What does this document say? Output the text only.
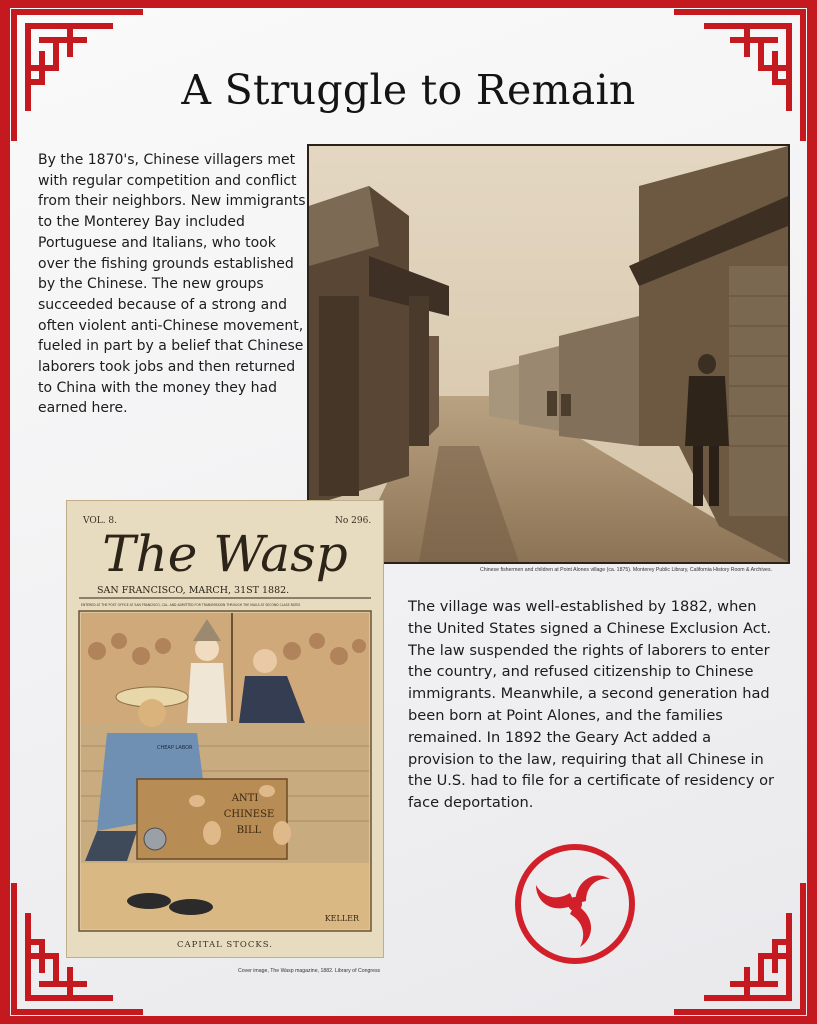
A Struggle to Remain

By the 1870's, Chinese villagers met with regular competition and conflict from their neighbors. New immigrants to the Monterey Bay included Portuguese and Italians, who took over the fishing grounds established by the Chinese. The new groups succeeded because of a strong and often violent anti-Chinese movement, fueled in part by a belief that Chinese laborers took jobs and then returned to China with the money they had earned here.

Chinese fishermen and children at Point Alones village (ca. 1875). Monterey Public Library, California History Room & Archives.
VOL. 8.	No 296.
The Wasp
SAN FRANCISCO, MARCH, 31ST 1882.
ENTERED AT THE POST OFFICE AT SAN FRANCISCO, CAL. AND ADMITTED FOR TRANSMISSION THROUGH THE MAILS AT SECOND CLASS RATES
CHEAP LABOR
ANTI
CHINESE
BILL
KELLER
CAPITAL STOCKS.
Cover image, The Wasp magazine, 1882. Library of Congress

The village was well-established by 1882, when the United States signed a Chinese Exclusion Act. The law suspended the rights of laborers to enter the country, and refused citizenship to Chinese immigrants. Meanwhile, a second generation had been born at Point Alones, and the families remained. In 1892 the Geary Act added a provision to the law, requiring that all Chinese in the U.S. had to file for a certificate of residency or face deportation.
